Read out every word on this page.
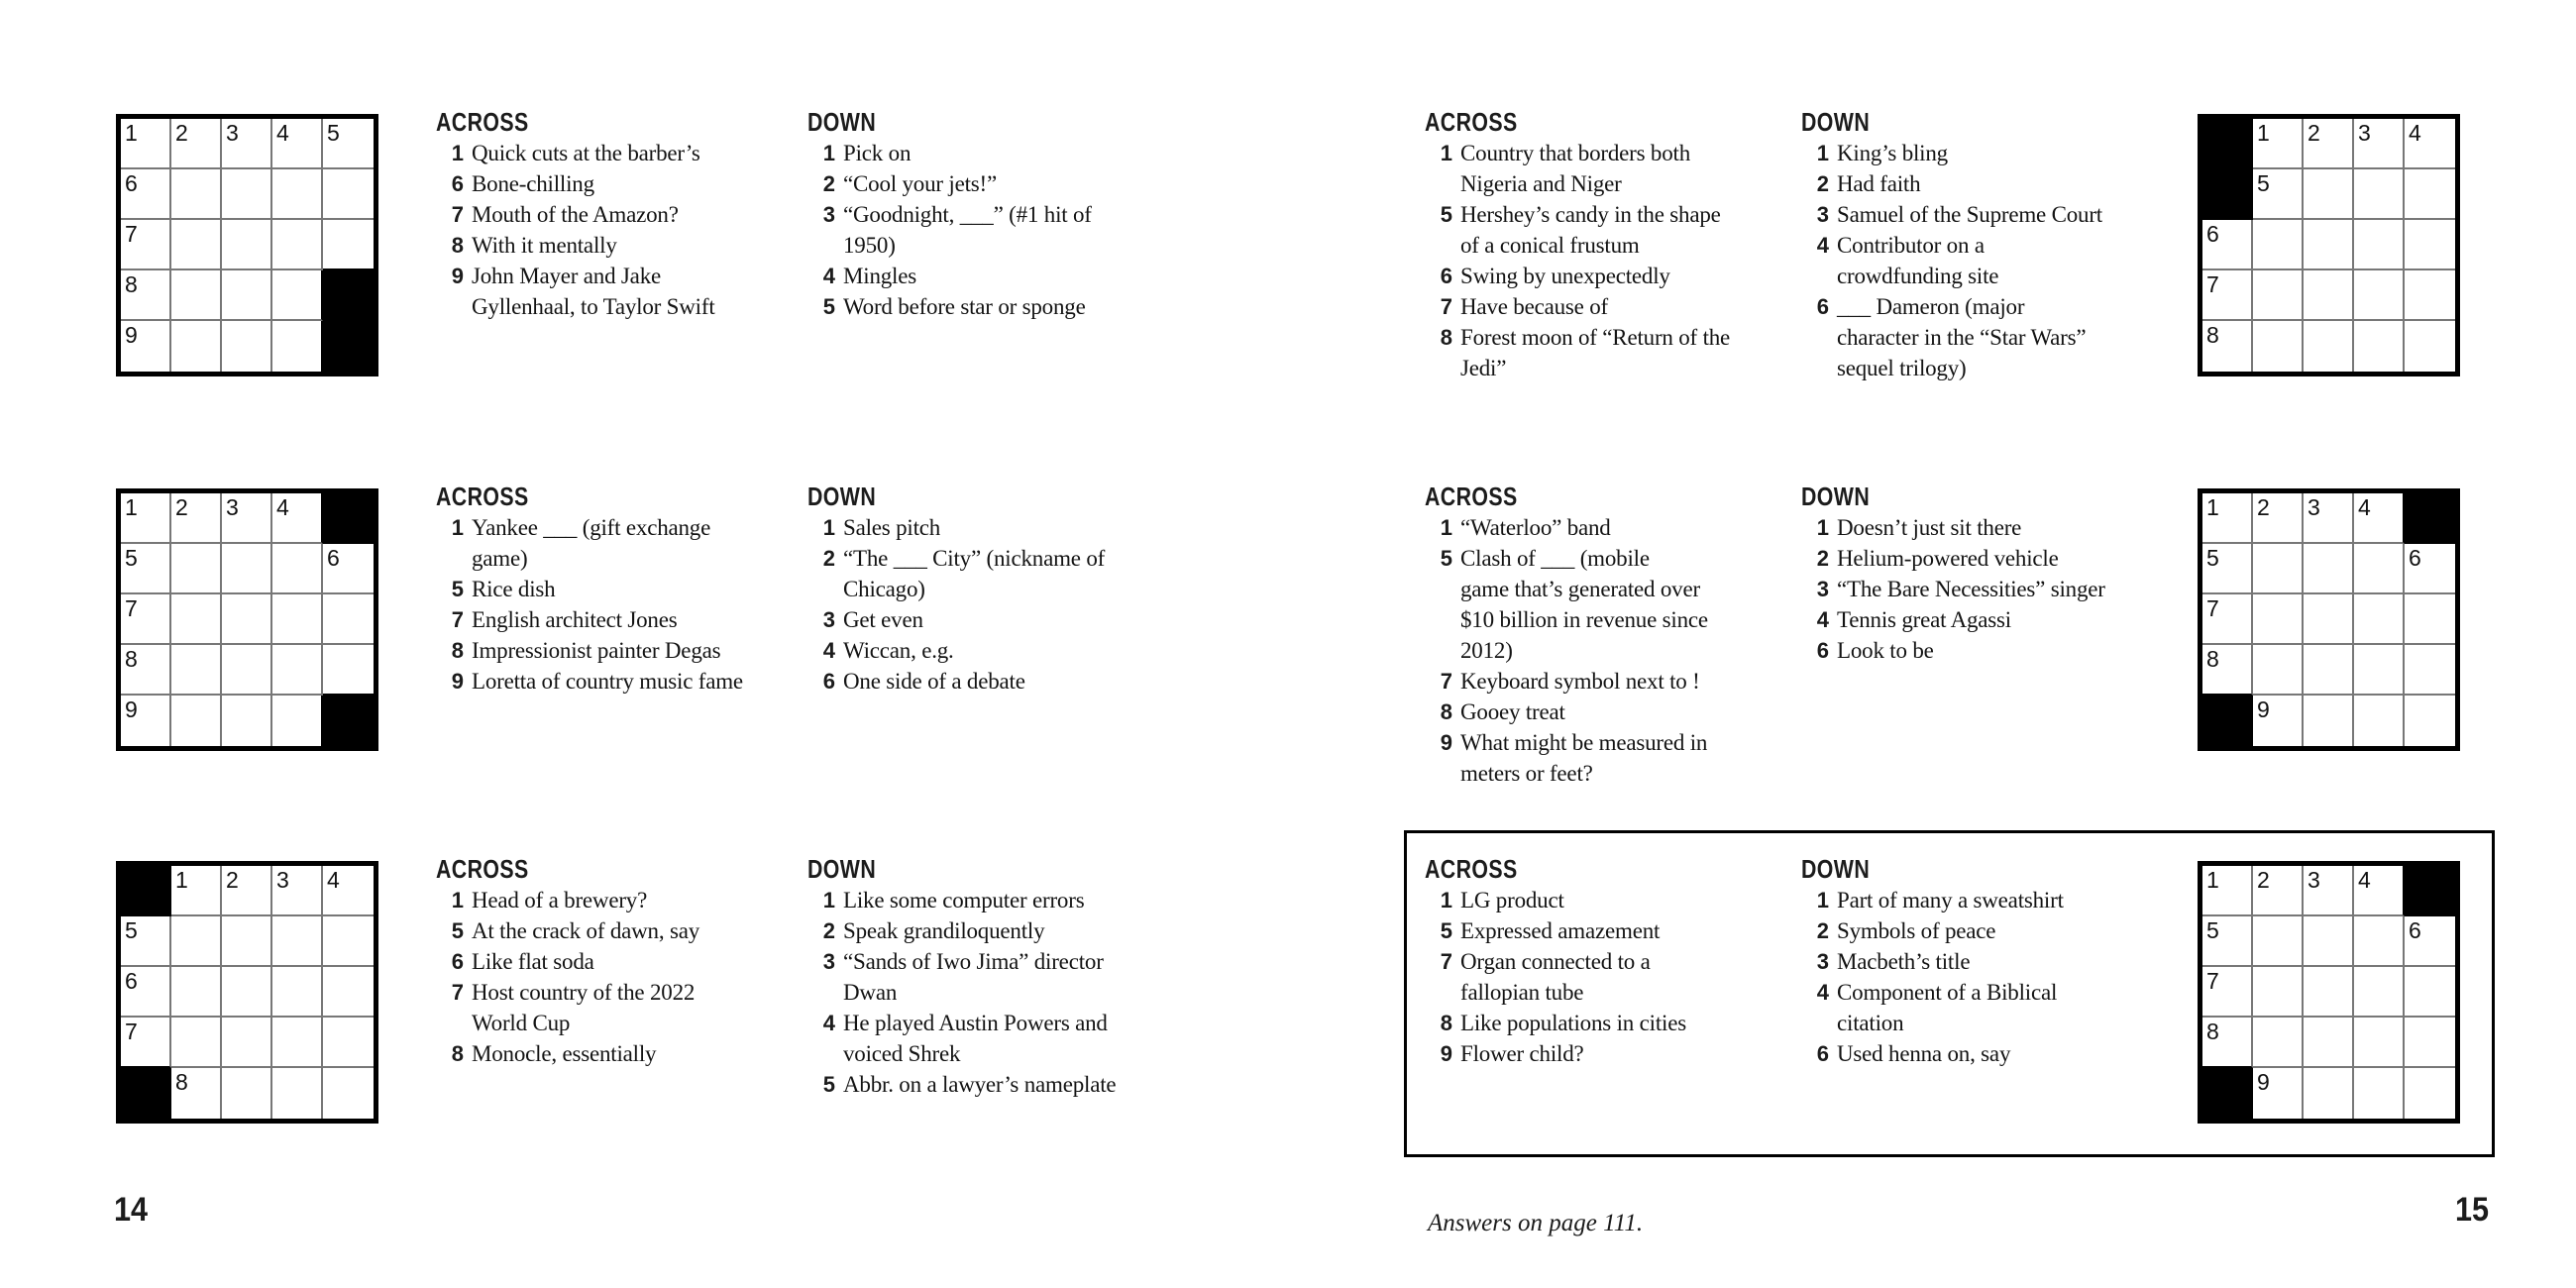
ACROSS
1 Quick cuts at the barber’s
6 Bone-chilling
7 Mouth of the Amazon?
8 With it mentally
9 John Mayer and Jake
Gyllenhaal, to Taylor Swift
DOWN
1 Pick on
2 “Cool your jets!”
3 “Goodnight, ___” (#1 hit of
1950)
4 Mingles
5 Word before star or sponge
1 2 3 4 5
6
7
8
9
ACROSS
1 Yankee ___ (gift exchange
game)
5 Rice dish
7 English architect Jones
8 Impressionist painter Degas
9 Loretta of country music fame
DOWN
1 Sales pitch
2 “The ___ City” (nickname of
Chicago)
3 Get even
4 Wiccan, e.g.
6 One side of a debate
1 2 3 4
5	6
7
8
9
ACROSS
1 Head of a brewery?
5 At the crack of dawn, say
6 Like flat soda
7 Host country of the 2022
World Cup
8 Monocle, essentially
DOWN
1 Like some computer errors
2 Speak grandiloquently
3 “Sands of Iwo Jima” director
Dwan
4 He played Austin Powers and
voiced Shrek
5 Abbr. on a lawyer’s nameplate
1 2 3 4
5
6
7
8
ACROSS
1 Country that borders both
Nigeria and Niger
5 Hershey’s candy in the shape
of a conical frustum
6 Swing by unexpectedly
7 Have because of
8 Forest moon of “Return of the
Jedi”
DOWN
1 King’s bling
2 Had faith
3 Samuel of the Supreme Court
4 Contributor on a
crowdfunding site
6 ___ Dameron (major
character in the “Star Wars”
sequel trilogy)
1 2 3 4
5
6
7
8
ACROSS
1 “Waterloo” band
5 Clash of ___ (mobile
game that’s generated over
$10 billion in revenue since
2012)
7 Keyboard symbol next to !
8 Gooey treat
9 What might be measured in
meters or feet?
DOWN
1 Doesn’t just sit there
2 Helium-powered vehicle
3 “The Bare Necessities” singer
4 Tennis great Agassi
6 Look to be
1 2 3 4
5	6
7
8
9
ACROSS
1 LG product
5 Expressed amazement
7 Organ connected to a
fallopian tube
8 Like populations in cities
9 Flower child?
DOWN
1 Part of many a sweatshirt
2 Symbols of peace
3 Macbeth’s title
4 Component of a Biblical
citation
6 Used henna on, say
1 2 3 4
5	6
7
8
9
14	Answers on page 111.	15
